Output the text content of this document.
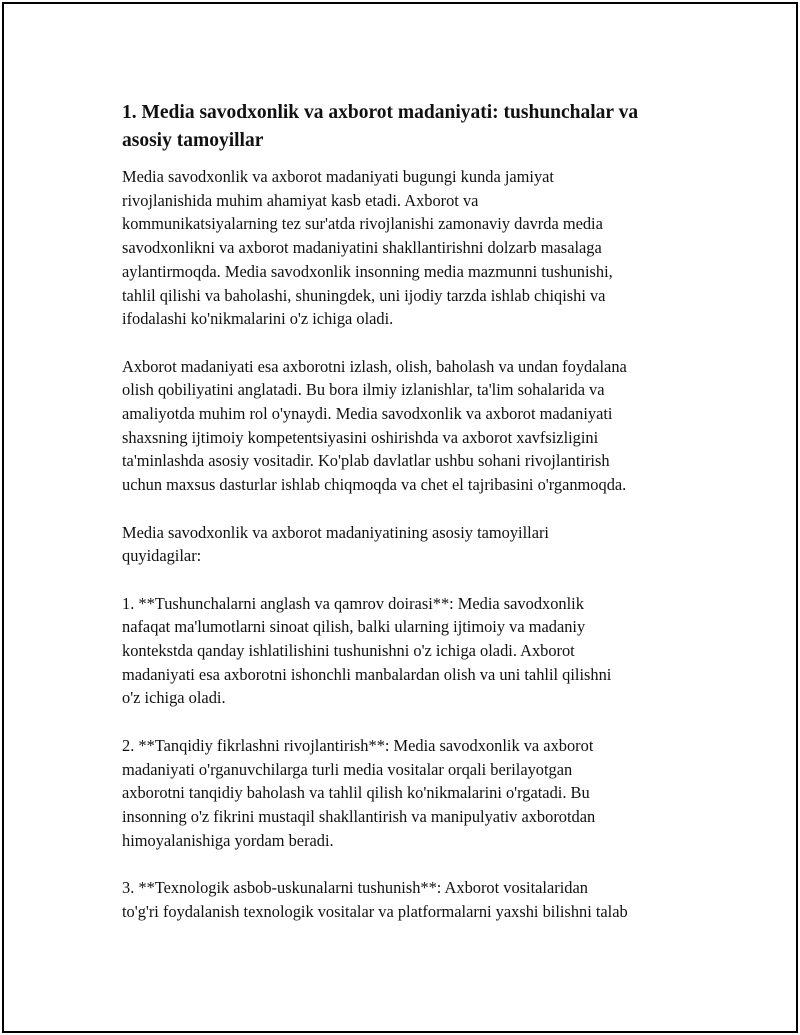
1. Media savodxonlik va axborot madaniyati: tushunchalar va
asosiy tamoyillar

Media savodxonlik va axborot madaniyati bugungi kunda jamiyat
rivojlanishida muhim ahamiyat kasb etadi. Axborot va
kommunikatsiyalarning tez sur'atda rivojlanishi zamonaviy davrda media
savodxonlikni va axborot madaniyatini shakllantirishni dolzarb masalaga
aylantirmoqda. Media savodxonlik insonning media mazmunni tushunishi,
tahlil qilishi va baholashi, shuningdek, uni ijodiy tarzda ishlab chiqishi va
ifodalashi ko'nikmalarini o'z ichiga oladi.

Axborot madaniyati esa axborotni izlash, olish, baholash va undan foydalana
olish qobiliyatini anglatadi. Bu bora ilmiy izlanishlar, ta'lim sohalarida va
amaliyotda muhim rol o'ynaydi. Media savodxonlik va axborot madaniyati
shaxsning ijtimoiy kompetentsiyasini oshirishda va axborot xavfsizligini
ta'minlashda asosiy vositadir. Ko'plab davlatlar ushbu sohani rivojlantirish
uchun maxsus dasturlar ishlab chiqmoqda va chet el tajribasini o'rganmoqda.

Media savodxonlik va axborot madaniyatining asosiy tamoyillari
quyidagilar:

1. **Tushunchalarni anglash va qamrov doirasi**: Media savodxonlik
nafaqat ma'lumotlarni sinoat qilish, balki ularning ijtimoiy va madaniy
kontekstda qanday ishlatilishini tushunishni o'z ichiga oladi. Axborot
madaniyati esa axborotni ishonchli manbalardan olish va uni tahlil qilishni
o'z ichiga oladi.

2. **Tanqidiy fikrlashni rivojlantirish**: Media savodxonlik va axborot
madaniyati o'rganuvchilarga turli media vositalar orqali berilayotgan
axborotni tanqidiy baholash va tahlil qilish ko'nikmalarini o'rgatadi. Bu
insonning o'z fikrini mustaqil shakllantirish va manipulyativ axborotdan
himoyalanishiga yordam beradi.

3. **Texnologik asbob-uskunalarni tushunish**: Axborot vositalaridan
to'g'ri foydalanish texnologik vositalar va platformalarni yaxshi bilishni talab
